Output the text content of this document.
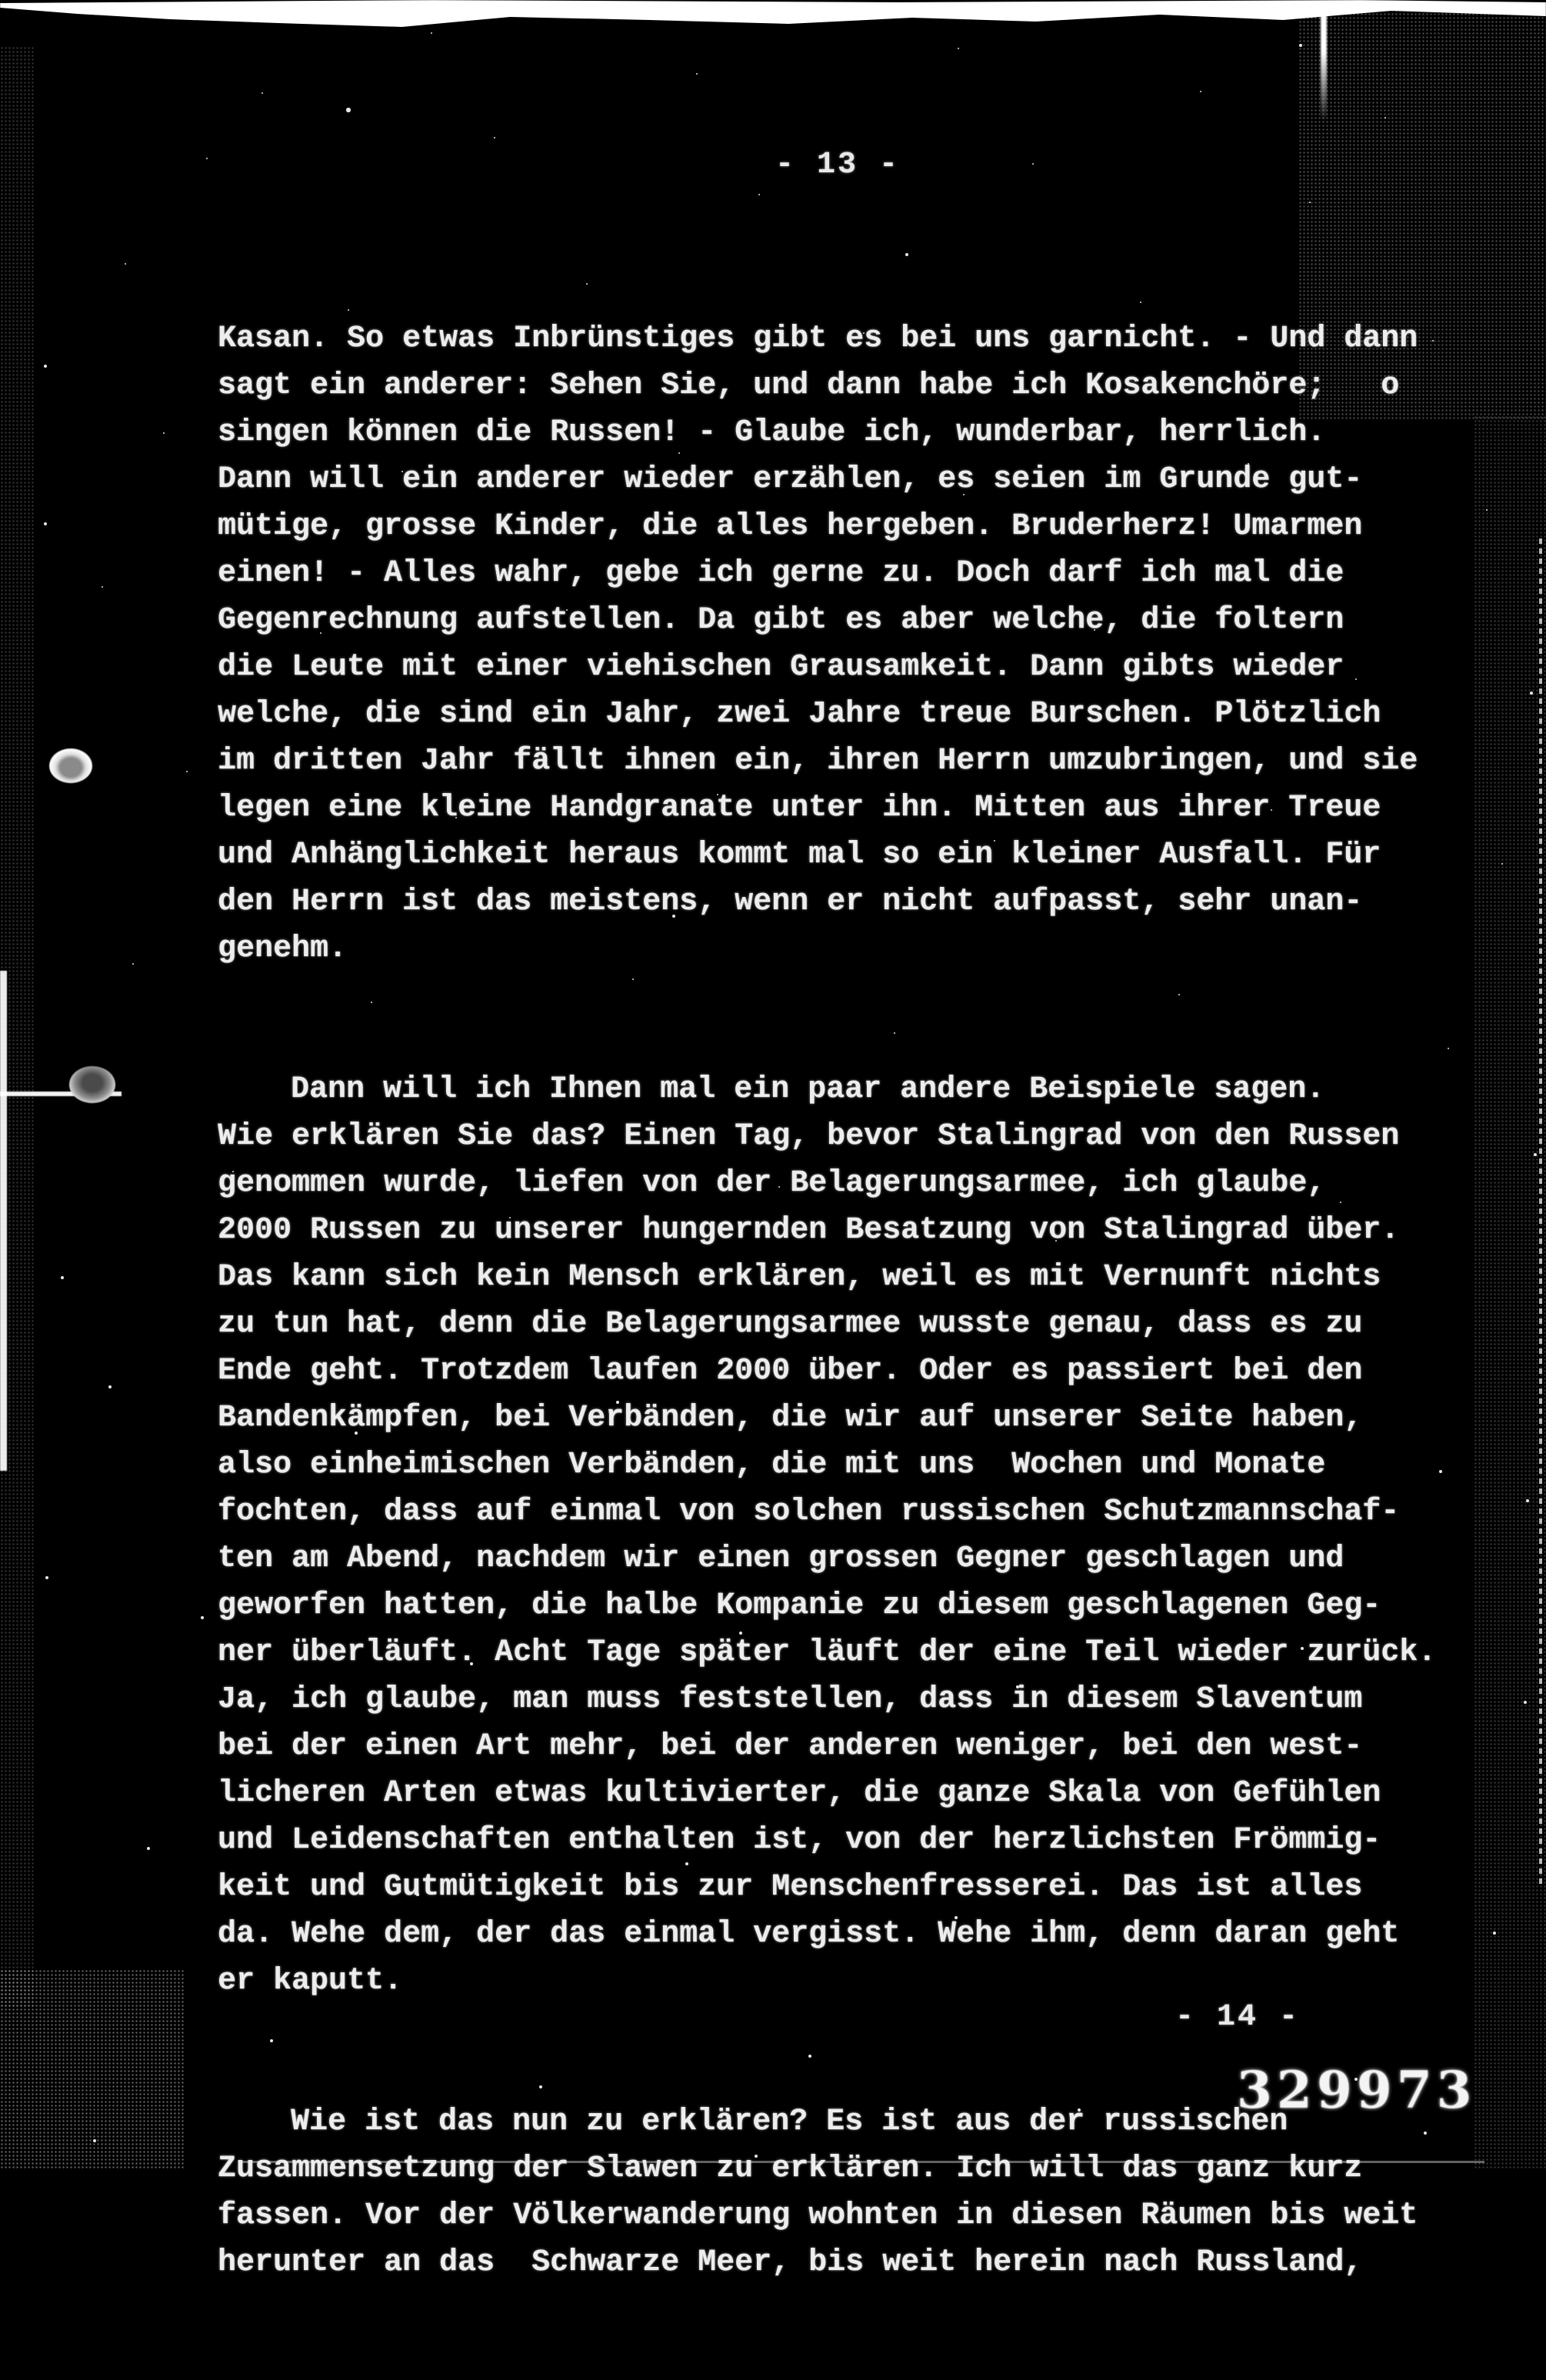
- 13 -

Kasan. So etwas Inbrünstiges gibt es bei uns garnicht. - Und dann
sagt ein anderer: Sehen Sie, und dann habe ich Kosakenchöre;   o
singen können die Russen! - Glaube ich, wunderbar, herrlich.
Dann will ein anderer wieder erzählen, es seien im Grunde gut-
mütige, grosse Kinder, die alles hergeben. Bruderherz! Umarmen
einen! - Alles wahr, gebe ich gerne zu. Doch darf ich mal die
Gegenrechnung aufstellen. Da gibt es aber welche, die foltern
die Leute mit einer viehischen Grausamkeit. Dann gibts wieder
welche, die sind ein Jahr, zwei Jahre treue Burschen. Plötzlich
im dritten Jahr fällt ihnen ein, ihren Herrn umzubringen, und sie
legen eine kleine Handgranate unter ihn. Mitten aus ihrer Treue
und Anhänglichkeit heraus kommt mal so ein kleiner Ausfall. Für
den Herrn ist das meistens, wenn er nicht aufpasst, sehr unan-
genehm.

Dann will ich Ihnen mal ein paar andere Beispiele sagen.
Wie erklären Sie das? Einen Tag, bevor Stalingrad von den Russen
genommen wurde, liefen von der Belagerungsarmee, ich glaube,
2000 Russen zu unserer hungernden Besatzung von Stalingrad über.
Das kann sich kein Mensch erklären, weil es mit Vernunft nichts
zu tun hat, denn die Belagerungsarmee wusste genau, dass es zu
Ende geht. Trotzdem laufen 2000 über. Oder es passiert bei den
Bandenkämpfen, bei Verbänden, die wir auf unserer Seite haben,
also einheimischen Verbänden, die mit uns  Wochen und Monate
fochten, dass auf einmal von solchen russischen Schutzmannschaf-
ten am Abend, nachdem wir einen grossen Gegner geschlagen und
geworfen hatten, die halbe Kompanie zu diesem geschlagenen Geg-
ner überläuft. Acht Tage später läuft der eine Teil wieder zurück.
Ja, ich glaube, man muss feststellen, dass in diesem Slaventum
bei der einen Art mehr, bei der anderen weniger, bei den west-
licheren Arten etwas kultivierter, die ganze Skala von Gefühlen
und Leidenschaften enthalten ist, von der herzlichsten Frömmig-
keit und Gutmütigkeit bis zur Menschenfresserei. Das ist alles
da. Wehe dem, der das einmal vergisst. Wehe ihm, denn daran geht
er kaputt.

Wie ist das nun zu erklären? Es ist aus der russischen
Zusammensetzung der Slawen zu erklären. Ich will das ganz kurz
fassen. Vor der Völkerwanderung wohnten in diesen Räumen bis weit
herunter an das  Schwarze Meer, bis weit herein nach Russland,

- 14 -
329973
